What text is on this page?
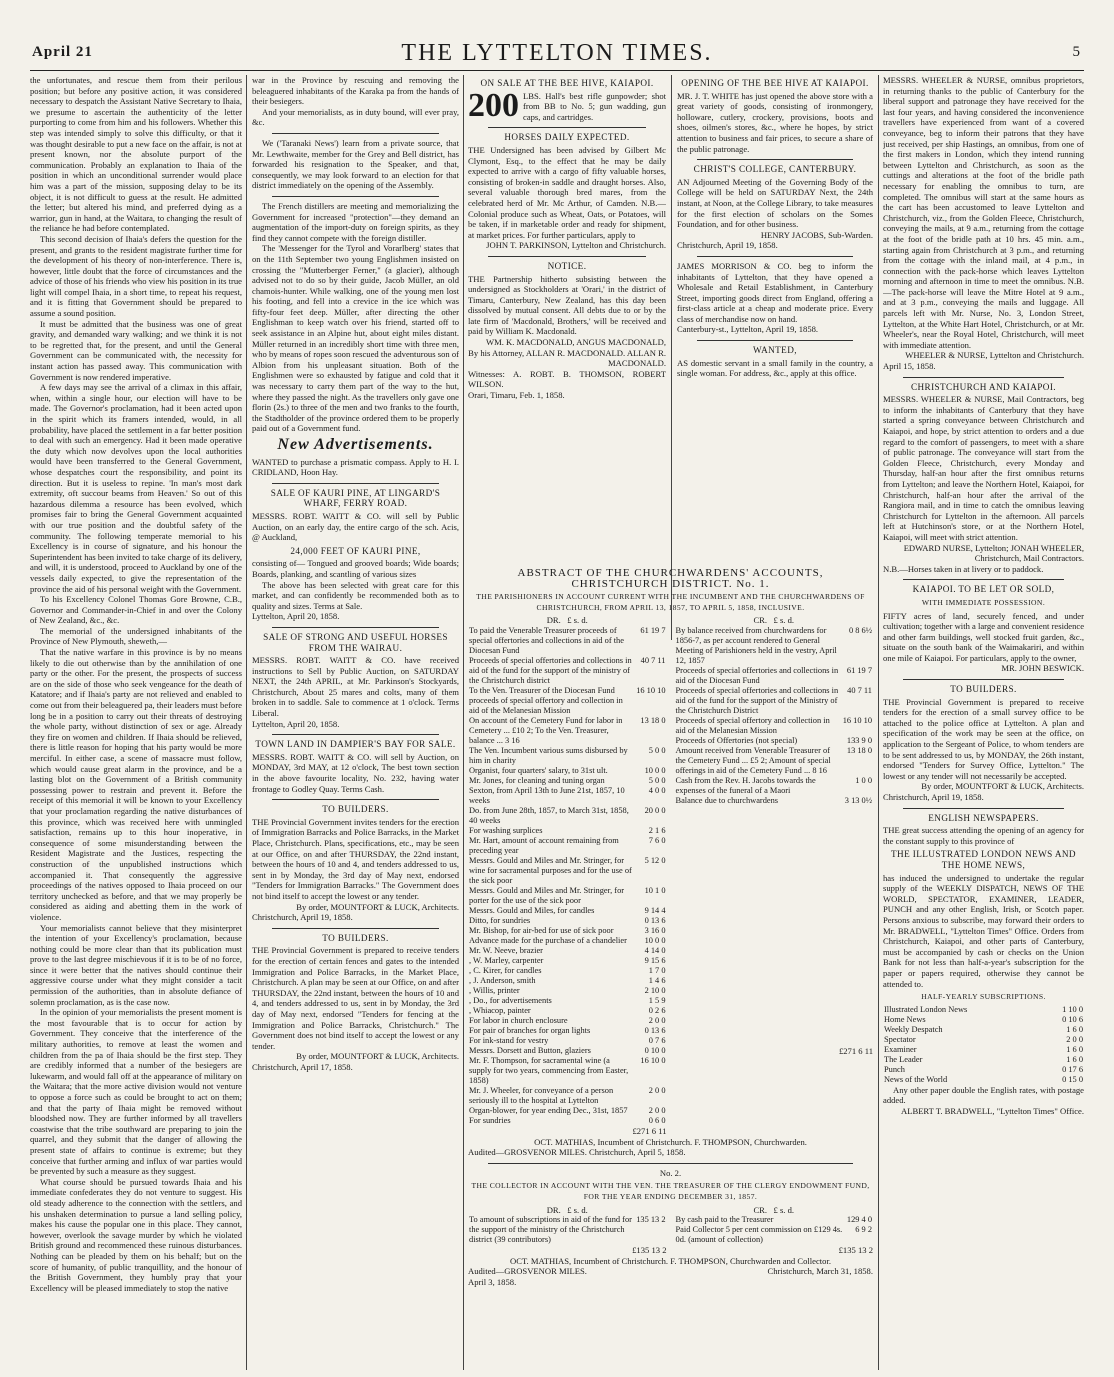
April 21	THE LYTTELTON TIMES.	5

the unfortunates, and rescue them from their perilous position; but before any positive action, it was considered necessary to despatch the Assistant Native Secretary to Ihaia, we presume to ascertain the authenticity of the letter purporting to come from him and his followers. Whether this step was intended simply to solve this difficulty, or that it was thought desirable to put a new face on the affair, is not at present known, nor the absolute purport of the communication. Probably an explanation to Ihaia of the position in which an unconditional surrender would place him was a part of the mission, supposing delay to be its object, it is not difficult to guess at the result. He admitted the letter; but altered his mind, and preferred dying as a warrior, gun in hand, at the Waitara, to changing the result of the reliance he had before contemplated.

This second decision of Ihaia's defers the question for the present, and grants to the resident magistrate further time for the development of his theory of non-interference. There is, however, little doubt that the force of circumstances and the advice of those of his friends who view his position in its true light will compel Ihaia, in a short time, to repeat his request, and it is fitting that Government should be prepared to assume a sound position.

It must be admitted that the business was one of great gravity, and demanded wary walking; and we think it is not to be regretted that, for the present, and until the General Government can be communicated with, the necessity for instant action has passed away. This communication with Government is now rendered imperative.

A few days may see the arrival of a climax in this affair, when, within a single hour, our election will have to be made. The Governor's proclamation, had it been acted upon in the spirit which its framers intended, would, in all probability, have placed the settlement in a far better position to deal with such an emergency. Had it been made operative the duty which now devolves upon the local authorities would have been transferred to the General Government, whose despatches court the responsibility, and point its direction. But it is useless to repine. 'In man's most dark extremity, oft succour beams from Heaven.' So out of this hazardous dilemma a resource has been evolved, which promises fair to bring the General Government acquainted with our true position and the doubtful safety of the community. The following temperate memorial to his Excellency is in course of signature, and his honour the Superintendent has been invited to take charge of its delivery, and will, it is understood, proceed to Auckland by one of the vessels daily expected, to give the representation of the province the aid of his personal weight with the Government.

To his Excellency Colonel Thomas Gore Browne, C.B., Governor and Commander-in-Chief in and over the Colony of New Zealand, &c., &c.

The memorial of the undersigned inhabitants of the Province of New Plymouth, sheweth,—

That the native warfare in this province is by no means likely to die out otherwise than by the annihilation of one party or the other. For the present, the prospects of success are on the side of those who seek vengeance for the death of Katatore; and if Ihaia's party are not relieved and enabled to come out from their beleaguered pa, their leaders must before long be in a position to carry out their threats of destroying the whole party, without distinction of sex or age. Already they fire on women and children. If Ihaia should be relieved, there is little reason for hoping that his party would be more merciful. In either case, a scene of massacre must follow, which would cause great alarm in the province, and be a lasting blot on the Government of a British community possessing power to restrain and prevent it. Before the receipt of this memorial it will be known to your Excellency that your proclamation regarding the native disturbances of this province, which was received here with unmingled satisfaction, remains up to this hour inoperative, in consequence of some misunderstanding between the Resident Magistrate and the Justices, respecting the construction of the unpublished instructions which accompanied it. That consequently the aggressive proceedings of the natives opposed to Ihaia proceed on our territory unchecked as before, and that we may properly be considered as aiding and abetting them in the work of violence.

Your memorialists cannot believe that they misinterpret the intention of your Excellency's proclamation, because nothing could be more clear than that its publication must prove to the last degree mischievous if it is to be of no force, since it were better that the natives should continue their aggressive course under what they might consider a tacit permission of the authorities, than in absolute defiance of solemn proclamation, as is the case now.

In the opinion of your memorialists the present moment is the most favourable that is to occur for action by Government. They conceive that the interference of the military authorities, to remove at least the women and children from the pa of Ihaia should be the first step. They are credibly informed that a number of the besiegers are lukewarm, and would fall off at the appearance of military on the Waitara; that the more active division would not venture to oppose a force such as could be brought to act on them; and that the party of Ihaia might be removed without bloodshed now. They are further informed by all travellers coastwise that the tribe southward are preparing to join the quarrel, and they submit that the danger of allowing the present state of affairs to continue is extreme; but they conceive that further arming and influx of war parties would be prevented by such a measure as they suggest.

What course should be pursued towards Ihaia and his immediate confederates they do not venture to suggest. His old steady adherence to the connection with the settlers, and his unshaken determination to pursue a land selling policy, makes his cause the popular one in this place. They cannot, however, overlook the savage murder by which he violated British ground and recommenced these ruinous disturbances. Nothing can be pleaded by them on his behalf; but on the score of humanity, of public tranquillity, and the honour of the British Government, they humbly pray that your Excellency will be pleased immediately to stop the native

war in the Province by rescuing and removing the beleaguered inhabitants of the Karaka pa from the hands of their besiegers.

And your memorialists, as in duty bound, will ever pray, &c.

We ('Taranaki News') learn from a private source, that Mr. Lewthwaite, member for the Grey and Bell district, has forwarded his resignation to the Speaker, and that, consequently, we may look forward to an election for that district immediately on the opening of the Assembly.

The French distillers are meeting and memorializing the Government for increased "protection"—they demand an augmentation of the import-duty on foreign spirits, as they find they cannot compete with the foreign distiller.

The 'Messenger for the Tyrol and Vorarlberg' states that on the 11th September two young Englishmen insisted on crossing the "Mutterberger Ferner," (a glacier), although advised not to do so by their guide, Jacob Müller, an old chamois-hunter. While walking, one of the young men lost his footing, and fell into a crevice in the ice which was fifty-four feet deep. Müller, after directing the other Englishman to keep watch over his friend, started off to seek assistance in an Alpine hut, about eight miles distant. Müller returned in an incredibly short time with three men, who by means of ropes soon rescued the adventurous son of Albion from his unpleasant situation. Both of the Englishmen were so exhausted by fatigue and cold that it was necessary to carry them part of the way to the hut, where they passed the night. As the travellers only gave one florin (2s.) to three of the men and two franks to the fourth, the Stadtholder of the province ordered them to be properly paid out of a Government fund.

New Advertisements.

WANTED to purchase a prismatic compass. Apply to H. I. CRIDLAND, Hoon Hay.

SALE OF KAURI PINE, AT LINGARD'S WHARF, FERRY ROAD.

MESSRS. ROBT. WAITT & CO. will sell by Public Auction, on an early day, the entire cargo of the sch. Acis, @ Auckland,

24,000 FEET OF KAURI PINE,

consisting of— Tongued and grooved boards; Wide boards; Boards, planking, and scantling of various sizes

The above has been selected with great care for this market, and can confidently be recommended both as to quality and sizes. Terms at Sale.

Lyttelton, April 20, 1858.

SALE OF STRONG AND USEFUL HORSES FROM THE WAIRAU.

MESSRS. ROBT. WAITT & CO. have received instructions to Sell by Public Auction, on SATURDAY NEXT, the 24th APRIL, at Mr. Parkinson's Stockyards, Christchurch, About 25 mares and colts, many of them broken in to saddle. Sale to commence at 1 o'clock. Terms Liberal.

Lyttelton, April 20, 1858.

TOWN LAND IN DAMPIER'S BAY FOR SALE.

MESSRS. ROBT. WAITT & CO. will sell by Auction, on MONDAY, 3rd MAY, at 12 o'clock, The best town section in the above favourite locality, No. 232, having water frontage to Godley Quay. Terms Cash.

TO BUILDERS.

THE Provincial Government invites tenders for the erection of Immigration Barracks and Police Barracks, in the Market Place, Christchurch. Plans, specifications, etc., may be seen at our Office, on and after THURSDAY, the 22nd instant, between the hours of 10 and 4, and tenders addressed to us, sent in by Monday, the 3rd day of May next, endorsed "Tenders for Immigration Barracks." The Government does not bind itself to accept the lowest or any tender.

By order, MOUNTFORT & LUCK, Architects.

Christchurch, April 19, 1858.

TO BUILDERS.

THE Provincial Government is prepared to receive tenders for the erection of certain fences and gates to the intended Immigration and Police Barracks, in the Market Place, Christchurch. A plan may be seen at our Office, on and after THURSDAY, the 22nd instant, between the hours of 10 and 4, and tenders addressed to us, sent in by Monday, the 3rd day of May next, endorsed "Tenders for fencing at the Immigration and Police Barracks, Christchurch." The Government does not bind itself to accept the lowest or any tender.

By order, MOUNTFORT & LUCK, Architects.

Christchurch, April 17, 1858.

ON SALE AT THE BEE HIVE, KAIAPOI.
200 LBS. Hall's best rifle gunpowder; shot from BB to No. 5; gun wadding, gun caps, and cartridges.
HORSES DAILY EXPECTED.

THE Undersigned has been advised by Gilbert Mc Clymont, Esq., to the effect that he may be daily expected to arrive with a cargo of fifty valuable horses, consisting of broken-in saddle and draught horses. Also, several valuable thorough bred mares, from the celebrated herd of Mr. Mc Arthur, of Camden. N.B.—Colonial produce such as Wheat, Oats, or Potatoes, will be taken, if in marketable order and ready for shipment, at market prices. For further particulars, apply to

JOHN T. PARKINSON, Lyttelton and Christchurch.

NOTICE.

THE Partnership hitherto subsisting between the undersigned as Stockholders at 'Orari,' in the district of Timaru, Canterbury, New Zealand, has this day been dissolved by mutual consent. All debts due to or by the late firm of 'Macdonald, Brothers,' will be received and paid by William K. Macdonald.

WM. K. MACDONALD, ANGUS MACDONALD, By his Attorney, ALLAN R. MACDONALD. ALLAN R. MACDONALD.

Witnesses: A. ROBT. B. THOMSON, ROBERT WILSON.

Orari, Timaru, Feb. 1, 1858.

OPENING OF THE BEE HIVE AT KAIAPOI.

MR. J. T. WHITE has just opened the above store with a great variety of goods, consisting of ironmongery, holloware, cutlery, crockery, provisions, boots and shoes, oilmen's stores, &c., where he hopes, by strict attention to business and fair prices, to secure a share of the public patronage.

CHRIST'S COLLEGE, CANTERBURY.

AN Adjourned Meeting of the Governing Body of the College will be held on SATURDAY Next, the 24th instant, at Noon, at the College Library, to take measures for the first election of scholars on the Somes Foundation, and for other business.

HENRY JACOBS, Sub-Warden.

Christchurch, April 19, 1858.

JAMES MORRISON & CO. beg to inform the inhabitants of Lyttelton, that they have opened a Wholesale and Retail Establishment, in Canterbury Street, importing goods direct from England, offering a first-class article at a cheap and moderate price. Every class of merchandise now on hand.

Canterbury-st., Lyttelton, April 19, 1858.

WANTED,

AS domestic servant in a small family in the country, a single woman. For address, &c., apply at this office.

ABSTRACT OF THE CHURCHWARDENS' ACCOUNTS, CHRISTCHURCH DISTRICT. No. 1.
THE PARISHIONERS IN ACCOUNT CURRENT WITH THE INCUMBENT AND THE CHURCHWARDENS OF CHRISTCHURCH, FROM APRIL 13, 1857, TO APRIL 5, 1858, INCLUSIVE.
DR.   £ s. d.
To paid the Venerable Treasurer proceeds of special offertories and collections in aid of the Diocesan Fund	61 19 7
Proceeds of special offertories and collections in aid of the fund for the support of the ministry of the Christchurch district	40 7 11
To the Ven. Treasurer of the Diocesan Fund proceeds of special offertory and collection in aid of the Melanesian Mission	16 10 10
On account of the Cemetery Fund for labor in Cemetery ... £10 2; To the Ven. Treasurer, balance ... 3 16	13 18 0
The Ven. Incumbent various sums disbursed by him in charity	5 0 0
Organist, four quarters' salary, to 31st ult.	10 0 0
Mr. Jones, for cleaning and tuning organ	5 0 0
Sexton, from April 13th to June 21st, 1857, 10 weeks	4 0 0
Do. from June 28th, 1857, to March 31st, 1858, 40 weeks	20 0 0
For washing surplices	2 1 6
Mr. Hart, amount of account remaining from preceding year	7 6 0
Messrs. Gould and Miles and Mr. Stringer, for wine for sacramental purposes and for the use of the sick poor	5 12 0
Messrs. Gould and Miles and Mr. Stringer, for porter for the use of the sick poor	10 1 0
Messrs. Gould and Miles, for candles	9 14 4
Ditto, for sundries	0 13 6
Mr. Bishop, for air-bed for use of sick poor	3 16 0
Advance made for the purchase of a chandelier	10 0 0
Mr. W. Neeve, brazier	4 14 0
, W. Marley, carpenter	9 15 6
, C. Kirer, for candles	1 7 0
, J. Anderson, smith	1 4 6
, Willis, printer	2 10 0
, Do., for advertisements	1 5 9
, Whiacop, painter	0 2 6
For labor in church enclosure	2 0 0
For pair of branches for organ lights	0 13 6
For ink-stand for vestry	0 7 6
Messrs. Dorsett and Button, glaziers	0 10 0
Mr. F. Thompson, for sacramental wine (a supply for two years, commencing from Easter, 1858)	16 10 0
Mr. J. Wheeler, for conveyance of a person seriously ill to the hospital at Lyttelton	2 0 0
Organ-blower, for year ending Dec., 31st, 1857	2 0 0
For sundries	0 6 0
£271 6 11
CR.   £ s. d.
By balance received from churchwardens for 1856-7, as per account rendered to General Meeting of Parishioners held in the vestry, April 12, 1857	0 8 6½
Proceeds of special offertories and collections in aid of the Diocesan Fund	61 19 7
Proceeds of special offertories and collections in aid of the fund for the support of the Ministry of the Christchurch District	40 7 11
Proceeds of special offertory and collection in aid of the Melanesian Mission	16 10 10
Proceeds of Offertories (not special)	133 9 0
Amount received from Venerable Treasurer of the Cemetery Fund ... £5 2; Amount of special offerings in aid of the Cemetery Fund ... 8 16	13 18 0
Cash from the Rev. H. Jacobs towards the expenses of the funeral of a Maori	1 0 0
Balance due to churchwardens	3 13 0½
£271 6 11
OCT. MATHIAS, Incumbent of Christchurch. F. THOMPSON, Churchwarden.
Audited—GROSVENOR MILES. Christchurch, April 5, 1858.
No. 2.
THE COLLECTOR IN ACCOUNT WITH THE VEN. THE TREASURER OF THE CLERGY ENDOWMENT FUND, FOR THE YEAR ENDING DECEMBER 31, 1857.
DR.   £ s. d.
To amount of subscriptions in aid of the fund for the support of the ministry of the Christchurch district (39 contributors)	135 13 2
£135 13 2
CR.   £ s. d.
By cash paid to the Treasurer	129 4 0
Paid Collector 5 per cent commission on £129 4s. 0d. (amount of collection)	6 9 2
£135 13 2
OCT. MATHIAS, Incumbent of Christchurch. F. THOMPSON, Churchwarden and Collector.
Audited—GROSVENOR MILES.	Christchurch, March 31, 1858.
April 3, 1858.

MESSRS. WHEELER & NURSE, omnibus proprietors, in returning thanks to the public of Canterbury for the liberal support and patronage they have received for the last four years, and having considered the inconvenience travellers have experienced from want of a covered conveyance, beg to inform their patrons that they have just received, per ship Hastings, an omnibus, from one of the first makers in London, which they intend running between Lyttelton and Christchurch, as soon as the cuttings and alterations at the foot of the bridle path necessary for enabling the omnibus to turn, are completed. The omnibus will start at the same hours as the cart has been accustomed to leave Lyttelton and Christchurch, viz., from the Golden Fleece, Christchurch, conveying the mails, at 9 a.m., returning from the cottage at the foot of the bridle path at 10 hrs. 45 min. a.m., starting again from Christchurch at 3 p.m., and returning from the cottage with the inland mail, at 4 p.m., in connection with the pack-horse which leaves Lyttelton morning and afternoon in time to meet the omnibus. N.B.—The pack-horse will leave the Mitre Hotel at 9 a.m., and at 3 p.m., conveying the mails and luggage. All parcels left with Mr. Nurse, No. 3, London Street, Lyttelton, at the White Hart Hotel, Christchurch, or at Mr. Wheeler's, near the Royal Hotel, Christchurch, will meet with immediate attention.

WHEELER & NURSE, Lyttelton and Christchurch.

April 15, 1858.

CHRISTCHURCH AND KAIAPOI.

MESSRS. WHEELER & NURSE, Mail Contractors, beg to inform the inhabitants of Canterbury that they have started a spring conveyance between Christchurch and Kaiapoi, and hope, by strict attention to orders and a due regard to the comfort of passengers, to meet with a share of public patronage. The conveyance will start from the Golden Fleece, Christchurch, every Monday and Thursday, half-an hour after the first omnibus returns from Lyttelton; and leave the Northern Hotel, Kaiapoi, for Christchurch, half-an hour after the arrival of the Rangiora mail, and in time to catch the omnibus leaving Christchurch for Lyttelton in the afternoon. All parcels left at Hutchinson's store, or at the Northern Hotel, Kaiapoi, will meet with strict attention.

EDWARD NURSE, Lyttelton; JONAH WHEELER, Christchurch, Mail Contractors.

N.B.—Horses taken in at livery or to paddock.

KAIAPOI. TO BE LET OR SOLD,
WITH IMMEDIATE POSSESSION.

FIFTY acres of land, securely fenced, and under cultivation; together with a large and convenient residence and other farm buildings, well stocked fruit garden, &c., situate on the south bank of the Waimakariri, and within one mile of Kaiapoi. For particulars, apply to the owner,

MR. JOHN BESWICK.

TO BUILDERS.

THE Provincial Government is prepared to receive tenders for the erection of a small survey office to be attached to the police office at Lyttelton. A plan and specification of the work may be seen at the office, on application to the Sergeant of Police, to whom tenders are to be sent addressed to us, by MONDAY, the 26th instant, endorsed "Tenders for Survey Office, Lyttelton." The lowest or any tender will not necessarily be accepted.

By order, MOUNTFORT & LUCK, Architects.

Christchurch, April 19, 1858.

ENGLISH NEWSPAPERS.

THE great success attending the opening of an agency for the constant supply to this province of

THE ILLUSTRATED LONDON NEWS AND THE HOME NEWS,

has induced the undersigned to undertake the regular supply of the WEEKLY DISPATCH, NEWS OF THE WORLD, SPECTATOR, EXAMINER, LEADER, PUNCH and any other English, Irish, or Scotch paper. Persons anxious to subscribe, may forward their orders to Mr. BRADWELL, "Lyttelton Times" Office. Orders from Christchurch, Kaiapoi, and other parts of Canterbury, must be accompanied by cash or checks on the Union Bank for not less than half-a-year's subscription for the paper or papers required, otherwise they cannot be attended to.

HALF-YEARLY SUBSCRIPTIONS.
Illustrated London News	1 10 0
Home News	0 10 6
Weekly Despatch	1 6 0
Spectator	2 0 0
Examiner	1 6 0
The Leader	1 6 0
Punch	0 17 6
News of the World	0 15 0

Any other paper double the English rates, with postage added.

ALBERT T. BRADWELL, "Lyttelton Times" Office.
